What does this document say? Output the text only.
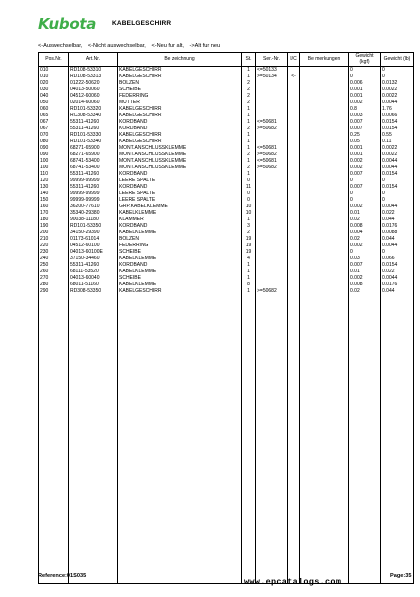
Kubota	KABELGESCHIRR
<-Auswechselbar, <-Nicht auswechselbar, <-Neu fur alt, ->Alt fur neu
Pos.Nr.	Art.Nr.	Be zeichnung	St.	Ser.-Nr.	I/C	Be merkungen	Gewicht (kgf)	Gewicht (lb)
010	RD108-53310	KABELGESCHIRR	1	<=50133			0	0
010	RD108-53313	KABELGESCHIRR	1	>=50134	<-		0	0
020	01222-50620	BOLZEN	2				0.006	0.0132
030	04013-50060	SCHEIBE	2				0.001	0.0022
040	04512-60060	FEDERRING	2				0.001	0.0022
050	02014-60060	MUTTER	2				0.002	0.0044
060	RD101-53320	KABELGESCHIRR	1				0.8	1.76
065	RC308-53340	KABELGESCHIRR	1				0.003	0.0066
067	55311-41260	KORDBAND	1	<=50681			0.007	0.0154
067	55311-41260	KORDBAND	2	>=50682			0.007	0.0154
070	RD101-53330	KABELGESCHIRR	1				0.25	0.55
080	RD101-53340	KABELGESCHIRR	1				0.05	0.11
090	68271-65900	MONT.ANSCHLUSSKLEMME	1	<=50681			0.001	0.0022
090	68271-65900	MONT.ANSCHLUSSKLEMME	2	>=50682			0.001	0.0022
100	68741-53400	MONT.ANSCHLUSSKLEMME	1	<=50681			0.002	0.0044
100	68741-53400	MONT.ANSCHLUSSKLEMME	2	>=50682			0.002	0.0044
110	55311-41260	KORDBAND	1				0.007	0.0154
120	99999-99999	LEERE SPALTE	0				0	0
130	55311-41260	KORDBAND	11				0.007	0.0154
140	99999-99999	LEERE SPALTE	0				0	0
150	99999-99999	LEERE SPALTE	0				0	0
160	36200-77610	GRP.KABELKLEMME	10				0.002	0.0044
170	35340-29380	KABELKLEMME	10				0.01	0.022
180	90038-11180	KLAMMER	1				0.02	0.044
190	RD101-53350	KORDBAND	3				0.008	0.0176
200	34150-29390	KABELKLEMME	2				0.004	0.0088
210	01173-61014	BOLZEN	19				0.02	0.044
220	04512-60100	FEDERRING	19				0.002	0.0044
230	04013-60100E	SCHEIBE	19				0	0
240	37150-34460	KABELKLEMME	4				0.03	0.066
250	55311-41260	KORDBAND	1				0.007	0.0154
260	68111-53520	KABELKLEMME	1				0.01	0.022
270	04013-60040	SCHEIBE	1				0.002	0.0044
280	68011-51160	KABELKLEMME	8				0.008	0.0176
290	RD308-53350	KABELGESCHIRR	1	>=50682			0.02	0.044

Reference:01S035
www.epcatalogs.com
Page:35
